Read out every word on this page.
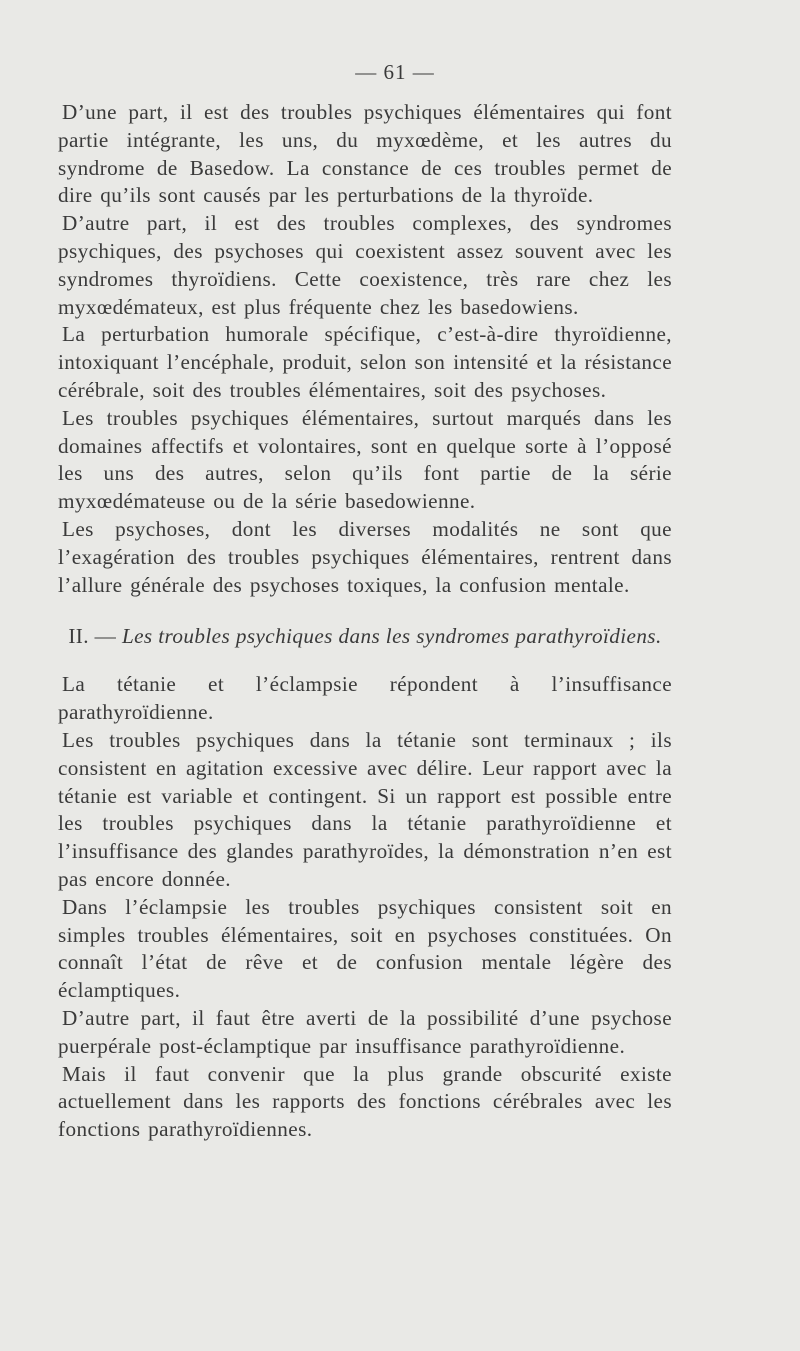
— 61 —

D’une part, il est des troubles psychiques élémentaires qui font partie intégrante, les uns, du myxœdème, et les autres du syndrome de Basedow. La constance de ces troubles permet de dire qu’ils sont causés par les perturbations de la thyroïde.

D’autre part, il est des troubles complexes, des syndromes psychiques, des psychoses qui coexistent assez souvent avec les syndromes thyroïdiens. Cette coexistence, très rare chez les myxœdémateux, est plus fréquente chez les basedowiens.

La perturbation humorale spécifique, c’est-à-dire thyroïdienne, intoxiquant l’encéphale, produit, selon son intensité et la résistance cérébrale, soit des troubles élémentaires, soit des psychoses.

Les troubles psychiques élémentaires, surtout marqués dans les domaines affectifs et volontaires, sont en quelque sorte à l’opposé les uns des autres, selon qu’ils font partie de la série myxœdémateuse ou de la série basedowienne.

Les psychoses, dont les diverses modalités ne sont que l’exagération des troubles psychiques élémentaires, rentrent dans l’allure générale des psychoses toxiques, la confusion mentale.

II. — Les troubles psychiques dans les syndromes parathyroïdiens.

La tétanie et l’éclampsie répondent à l’insuffisance parathyroïdienne.

Les troubles psychiques dans la tétanie sont terminaux ; ils consistent en agitation excessive avec délire. Leur rapport avec la tétanie est variable et contingent. Si un rapport est possible entre les troubles psychiques dans la tétanie parathyroïdienne et l’insuffisance des glandes parathyroïdes, la démonstration n’en est pas encore donnée.

Dans l’éclampsie les troubles psychiques consistent soit en simples troubles élémentaires, soit en psychoses constituées. On connaît l’état de rêve et de confusion mentale légère des éclamptiques.

D’autre part, il faut être averti de la possibilité d’une psychose puerpérale post-éclamptique par insuffisance parathyroïdienne.

Mais il faut convenir que la plus grande obscurité existe actuellement dans les rapports des fonctions cérébrales avec les fonctions parathyroïdiennes.
